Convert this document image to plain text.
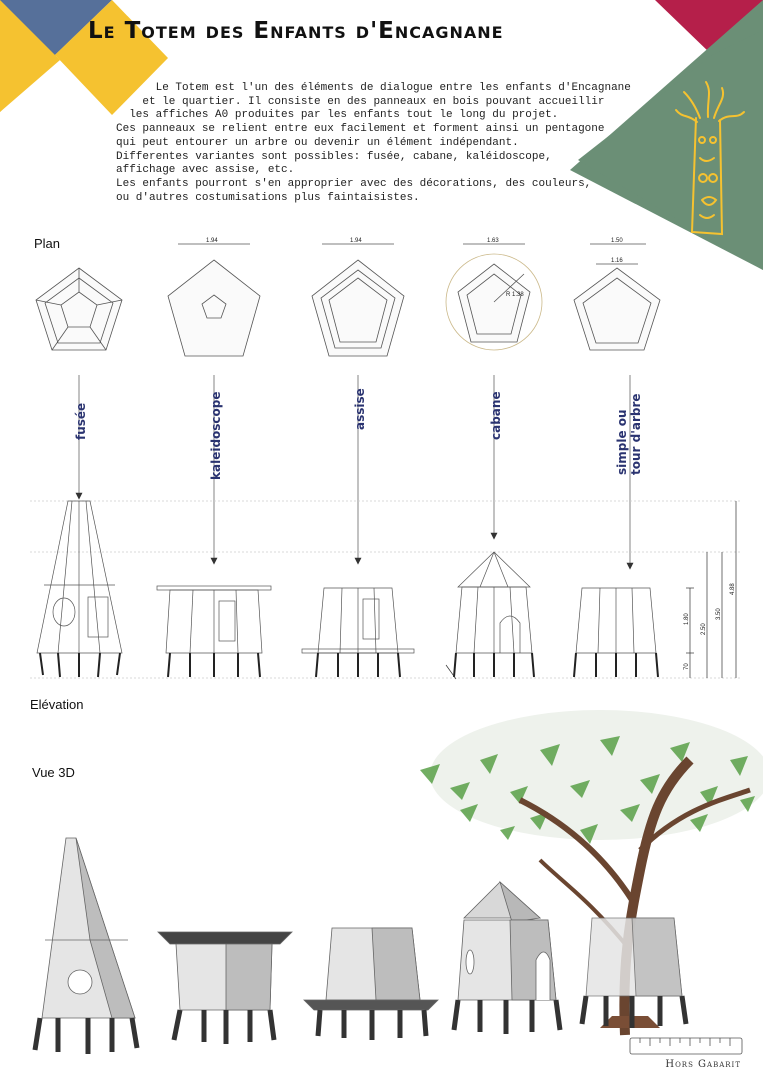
Le Totem des Enfants d'Encagnane
Le Totem est l'un des éléments de dialogue entre les enfants d'Encagnane
et le quartier. Il consiste en des panneaux en bois pouvant accueillir
les affiches A0 produites par les enfants tout le long du projet.
Ces panneaux se relient entre eux facilement et forment ainsi un pentagone
qui peut entourer un arbre ou devenir un élément indépendant.
Differentes variantes sont possibles: fusée, cabane, kaléidoscope,
affichage avec assise, etc.
Les enfants pourront s'en approprier avec des décorations, des couleurs,
ou d'autres costumisations plus faintaisistes.
Plan
Elévation
Vue 3D
1.94	1.94	1.63
R 1.38
1.50
1.16
fusée	kaleidoscope	assise	cabane	simple ou tour d'arbre
1.80
2.50
3.50
4.88
70
Hors Gabarit
